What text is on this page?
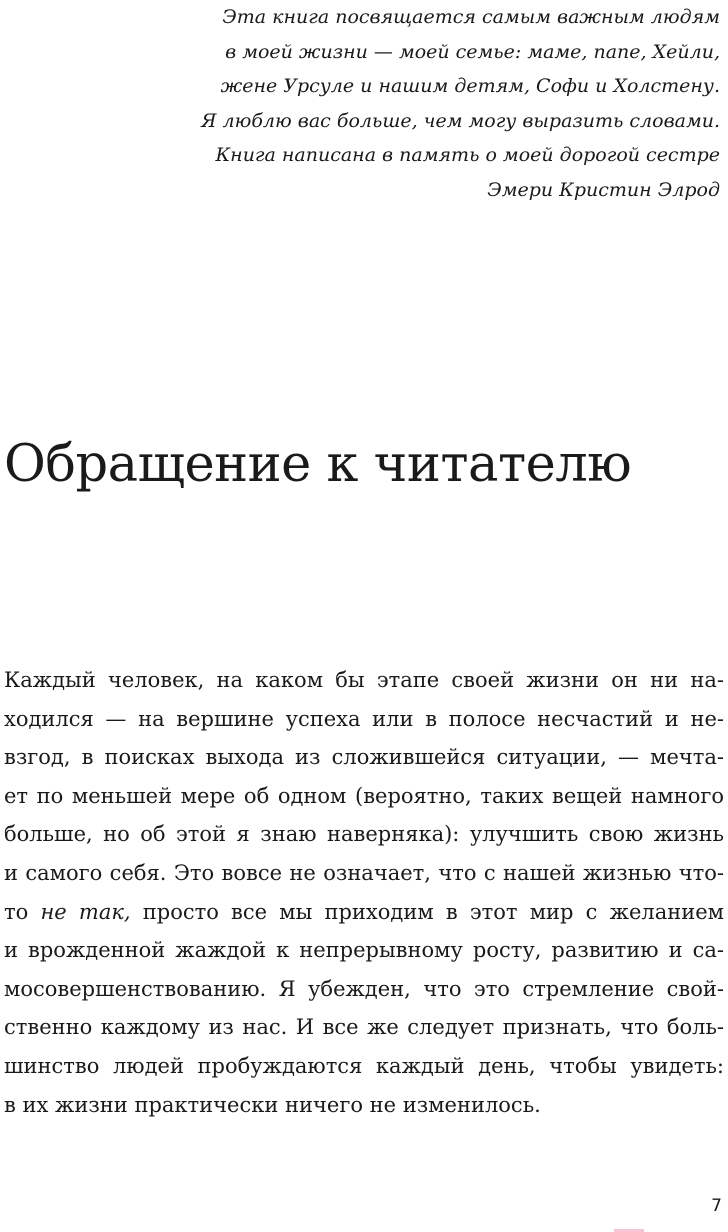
Эта книга посвящается самым важным людям
в моей жизни — моей семье: маме, папе, Хейли,
жене Урсуле и нашим детям, Софи и Холстену.
Я люблю вас больше, чем могу выразить словами.
Книга написана в память о моей дорогой сестре
Эмери Кристин Элрод
Обращение к читателю
Каждый человек, на каком бы этапе своей жизни он ни на-
ходился — на вершине успеха или в полосе несчастий и не-
взгод, в поисках выхода из сложившейся ситуации, — мечта-
ет по меньшей мере об одном (вероятно, таких вещей намного
больше, но об этой я знаю наверняка): улучшить свою жизнь
и самого себя. Это вовсе не означает, что с нашей жизнью что-
то не так, просто все мы приходим в этот мир с желанием
и врожденной жаждой к непрерывному росту, развитию и са-
мосовершенствованию. Я убежден, что это стремление свой-
ственно каждому из нас. И все же следует признать, что боль-
шинство людей пробуждаются каждый день, чтобы увидеть:
в их жизни практически ничего не изменилось.
7
